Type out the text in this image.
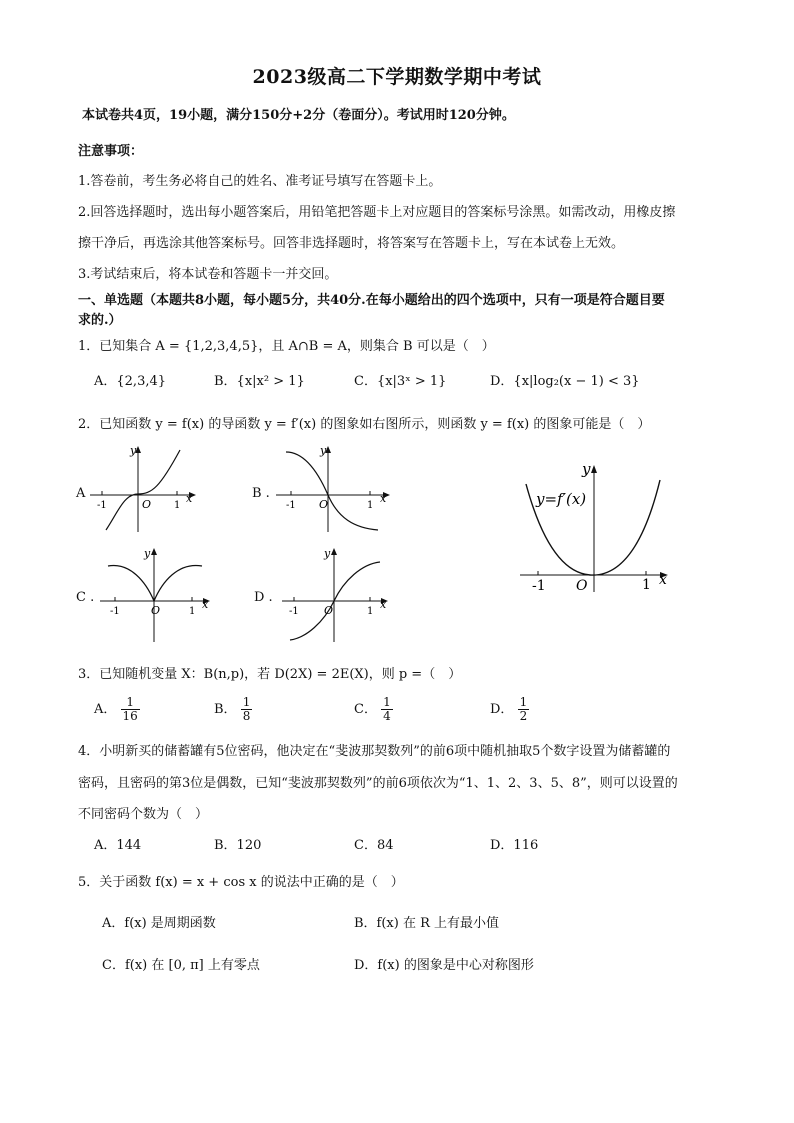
2023级高二下学期数学期中考试
本试卷共4页，19小题，满分150分+2分（卷面分）。考试用时120分钟。
注意事项：
1.答卷前，考生务必将自己的姓名、准考证号填写在答题卡上。
2.回答选择题时，选出每小题答案后，用铅笔把答题卡上对应题目的答案标号涂黑。如需改动，用橡皮擦
擦干净后，再选涂其他答案标号。回答非选择题时，将答案写在答题卡上，写在本试卷上无效。
3.考试结束后，将本试卷和答题卡一并交回。
一、单选题（本题共8小题，每小题5分，共40分.在每小题给出的四个选项中，只有一项是符合题目要
求的.）
1．已知集合 A = {1,2,3,4,5}，且 A∩B = A，则集合 B 可以是（　）
A．{2,3,4}	B．{x|x² > 1}	C．{x|3ˣ > 1}	D．{x|log₂(x − 1) < 3}
2．已知函数 y = f(x) 的导函数 y = f′(x) 的图象如右图所示，则函数 y = f(x) 的图象可能是（　）
A
-1	O 1
x
y
B .
-1 O	1
x
y
-1 O	1 x
y
y=f′(x)
C .
-1	O	1
x
y
D .
-1 O	1
x
y
3．已知随机变量 X：B(n,p)，若 D(2X) = 2E(X)，则 p =（　）
A． $\frac{1}{16}$	B． $\frac{1}{8}$	C． $\frac{1}{4}$	D． $\frac{1}{2}$
4．小明新买的储蓄罐有5位密码，他决定在“斐波那契数列”的前6项中随机抽取5个数字设置为储蓄罐的
密码，且密码的第3位是偶数，已知“斐波那契数列”的前6项依次为“1、1、2、3、5、8”，则可以设置的
不同密码个数为（　）
A．144	B．120	C．84	D．116
5．关于函数 f(x) = x + cos x 的说法中正确的是（　）
A．f(x) 是周期函数	B．f(x) 在 R 上有最小值
C．f(x) 在 [0, π] 上有零点	D．f(x) 的图象是中心对称图形
